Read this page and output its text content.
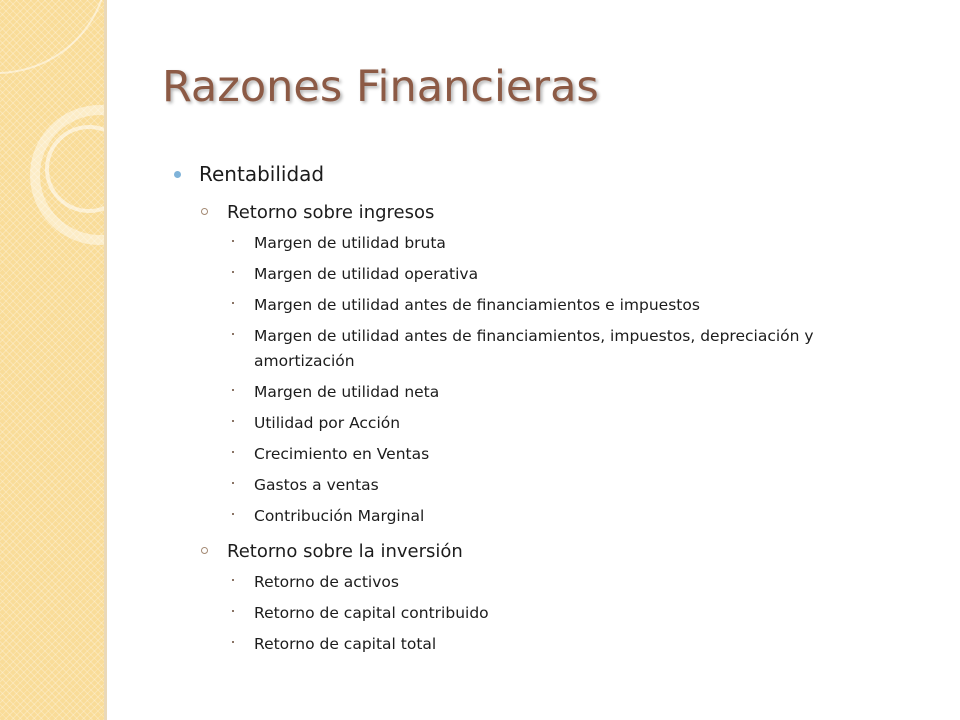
Razones Financieras
Rentabilidad
Retorno sobre ingresos
Margen de utilidad bruta
Margen de utilidad operativa
Margen de utilidad antes de financiamientos e impuestos
Margen de utilidad antes de financiamientos, impuestos, depreciación y
amortización
Margen de utilidad neta
Utilidad por Acción
Crecimiento en Ventas
Gastos a ventas
Contribución Marginal
Retorno sobre la inversión
Retorno de activos
Retorno de capital contribuido
Retorno de capital total
